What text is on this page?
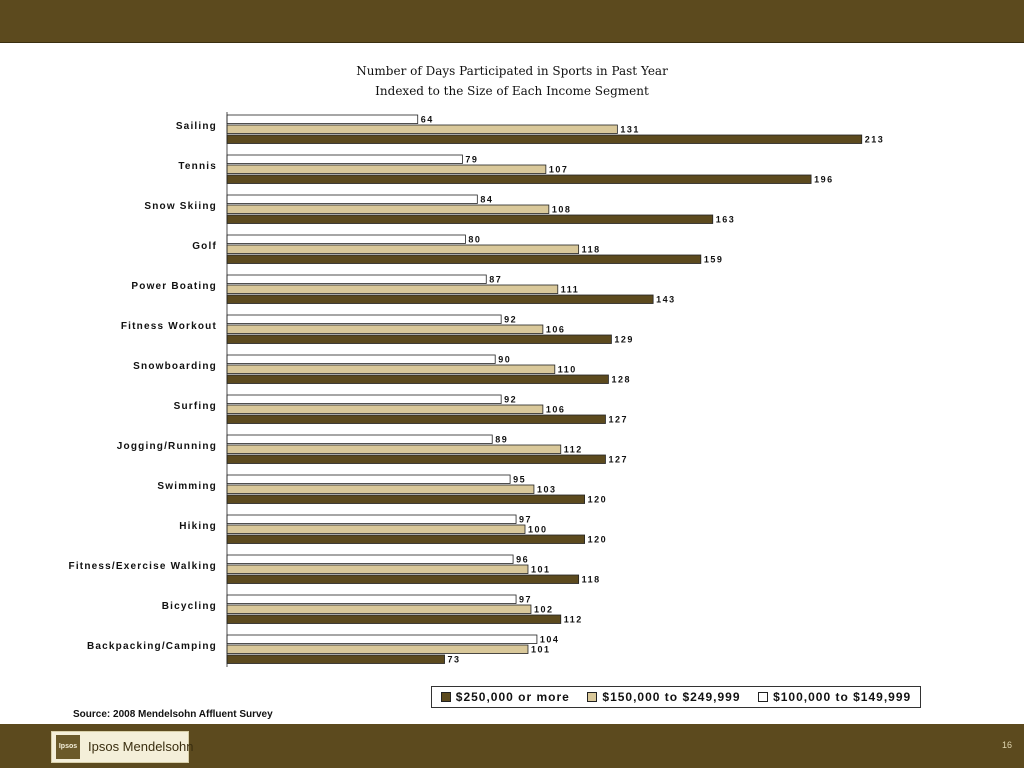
Number of Days Participated in Sports in Past Year
Indexed to the Size of Each Income Segment
Sailing
64
131
213
Tennis
79
107
196
Snow Skiing
84
108
163
Golf
80
118
159
Power Boating
87
111
143
Fitness Workout
92
106
129
Snowboarding
90
110
128
Surfing
92
106
127
Jogging/Running
89
112
127
Swimming
95
103
120
Hiking
97
100
120
Fitness/Exercise Walking
96
101
118
Bicycling
97
102
112
Backpacking/Camping
104
101
73
$250,000 or more	$150,000 to $249,999	$100,000 to $149,999
Source: 2008 Mendelsohn Affluent Survey
Ipsos Ipsos Mendelsohn	16
